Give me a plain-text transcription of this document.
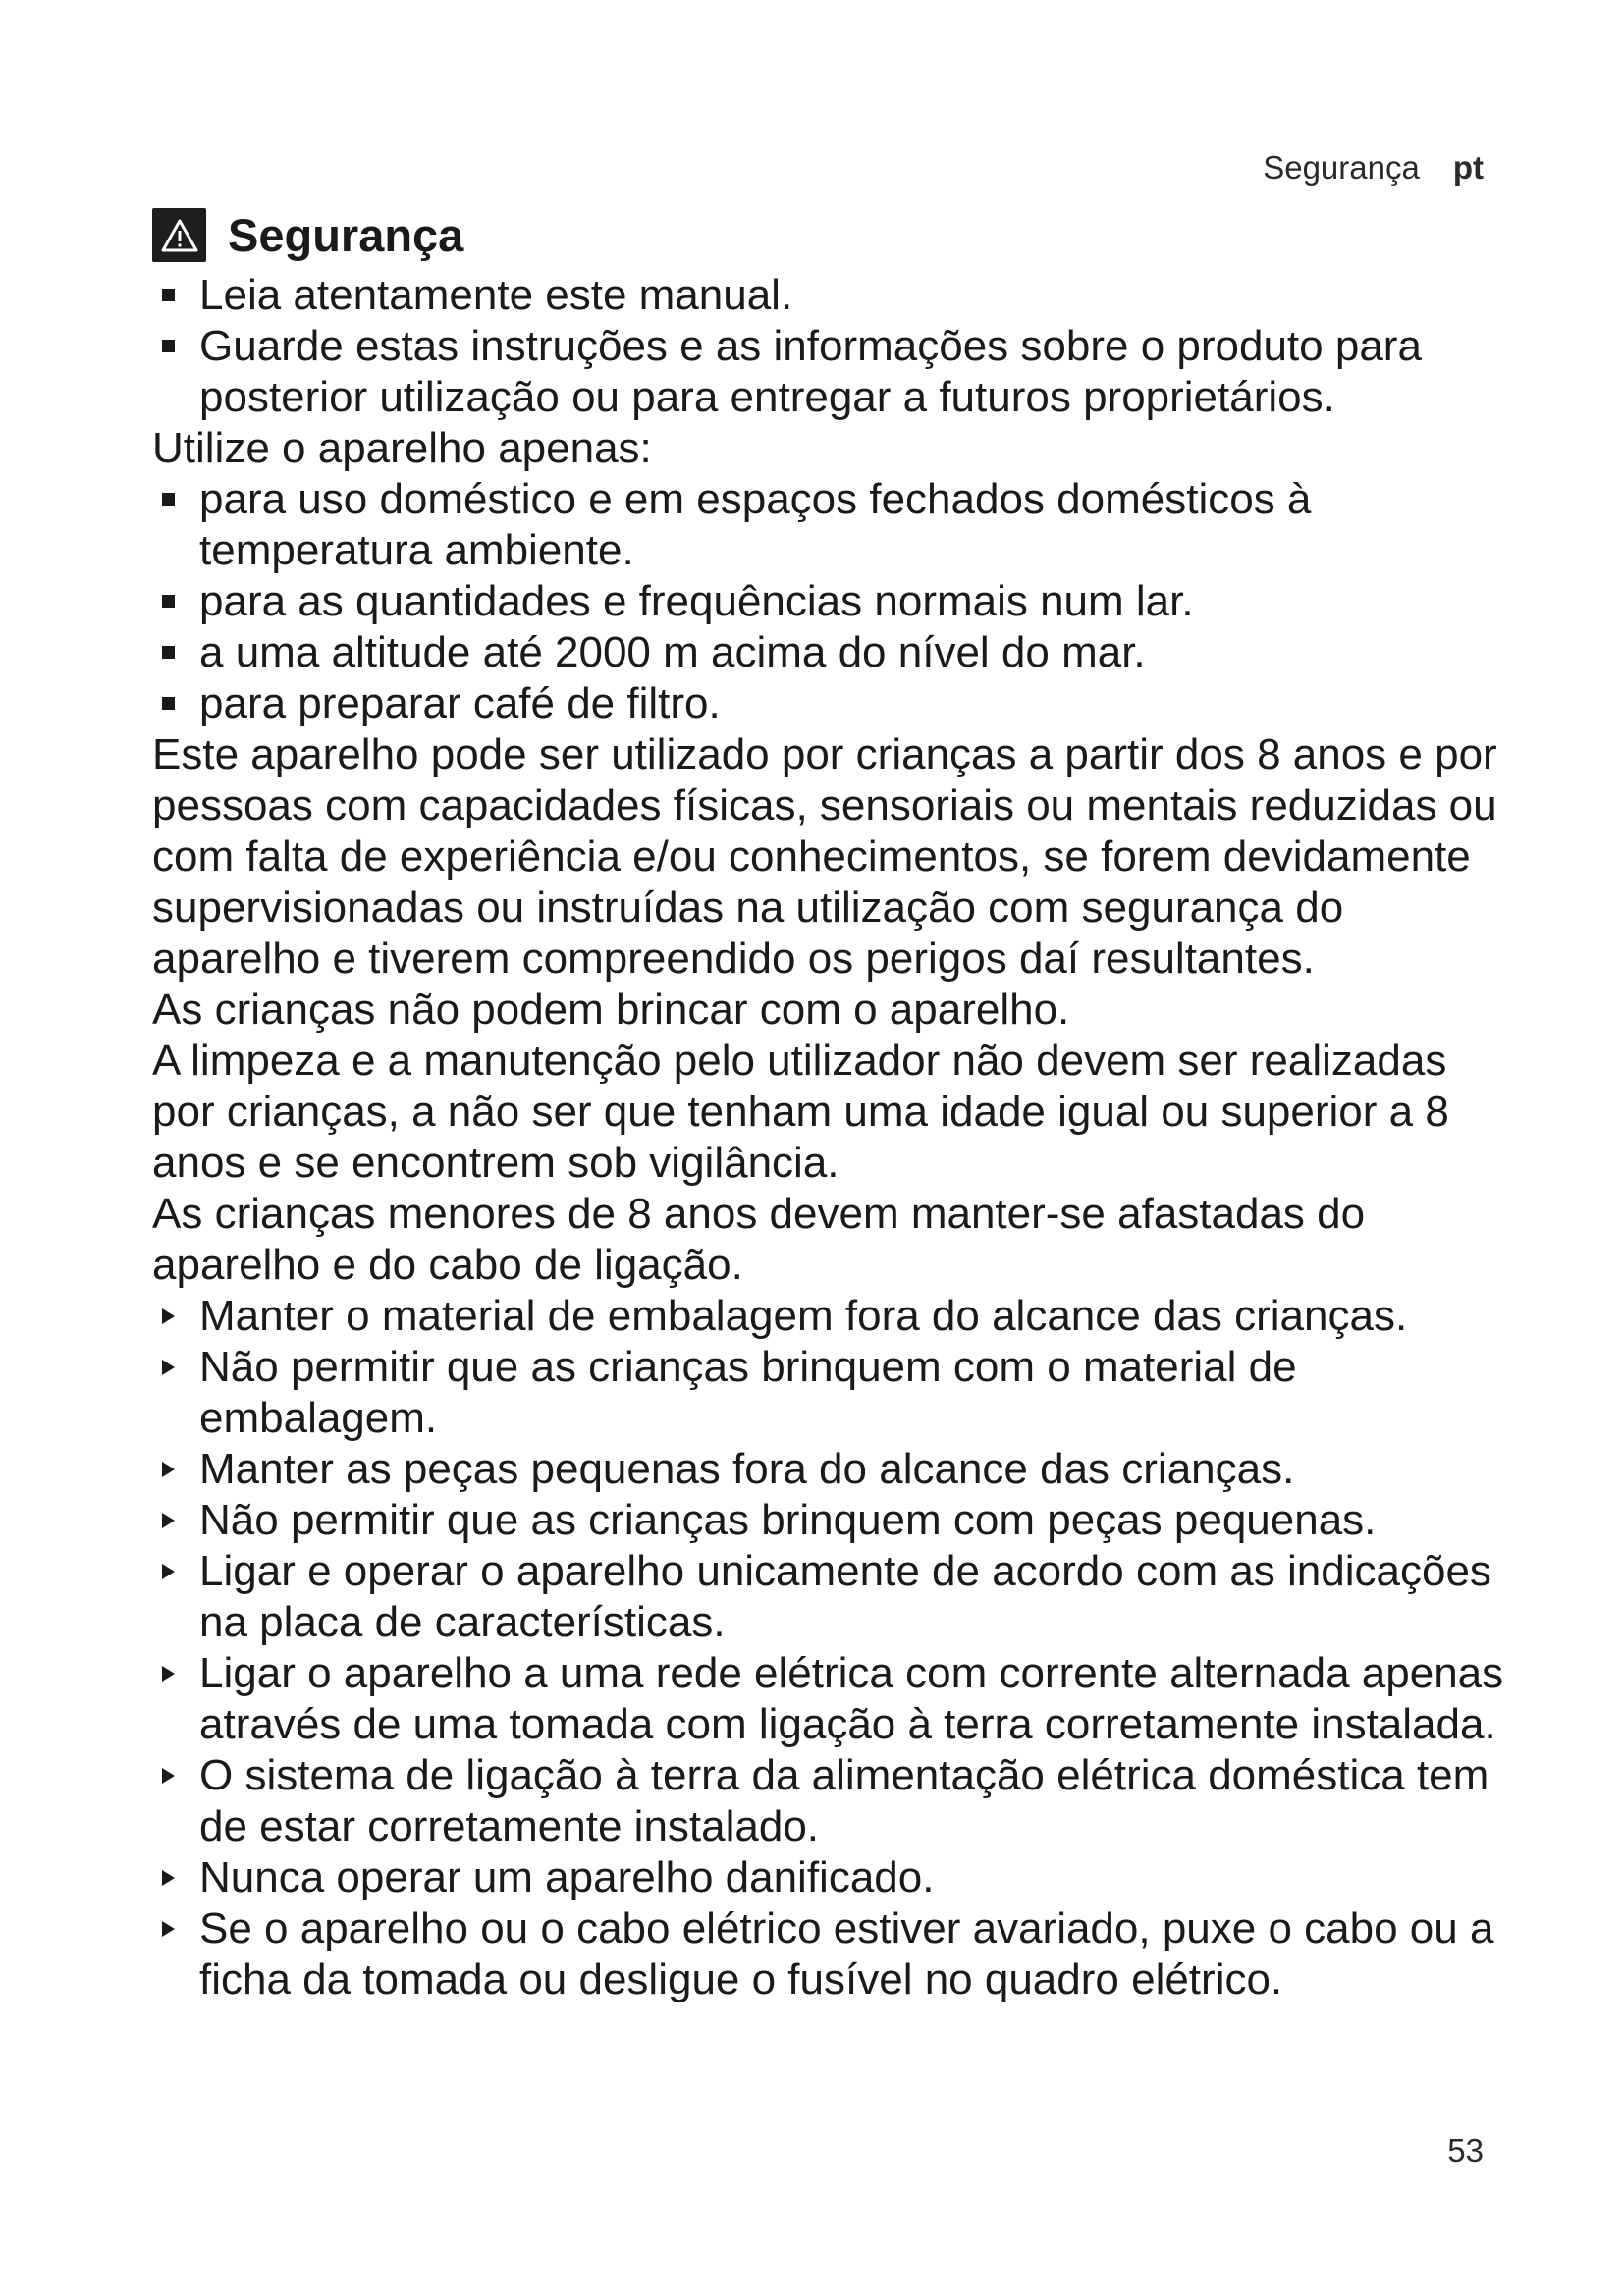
Segurança pt
Segurança
Leia atentamente este manual.
Guarde estas instruções e as informações sobre o produto para posterior utilização ou para entregar a futuros proprietários.

Utilize o aparelho apenas:

para uso doméstico e em espaços fechados domésticos à temperatura ambiente.
para as quantidades e frequências normais num lar.
a uma altitude até 2000 m acima do nível do mar.
para preparar café de filtro.

Este aparelho pode ser utilizado por crianças a partir dos 8 anos e por pessoas com capacidades físicas, sensoriais ou mentais reduzidas ou com falta de experiência e/ou conhecimentos, se forem devidamente supervisionadas ou instruídas na utilização com segurança do aparelho e tiverem compreendido os perigos daí resultantes.

As crianças não podem brincar com o aparelho.

A limpeza e a manutenção pelo utilizador não devem ser realizadas por crianças, a não ser que tenham uma idade igual ou superior a 8 anos e se encontrem sob vigilância.

As crianças menores de 8 anos devem manter-se afastadas do aparelho e do cabo de ligação.

Manter o material de embalagem fora do alcance das crianças.
Não permitir que as crianças brinquem com o material de embalagem.
Manter as peças pequenas fora do alcance das crianças.
Não permitir que as crianças brinquem com peças pequenas.
Ligar e operar o aparelho unicamente de acordo com as indicações na placa de características.
Ligar o aparelho a uma rede elétrica com corrente alternada apenas através de uma tomada com ligação à terra corretamente instalada.
O sistema de ligação à terra da alimentação elétrica doméstica tem de estar corretamente instalado.
Nunca operar um aparelho danificado.
Se o aparelho ou o cabo elétrico estiver avariado, puxe o cabo ou a ficha da tomada ou desligue o fusível no quadro elétrico.
53
